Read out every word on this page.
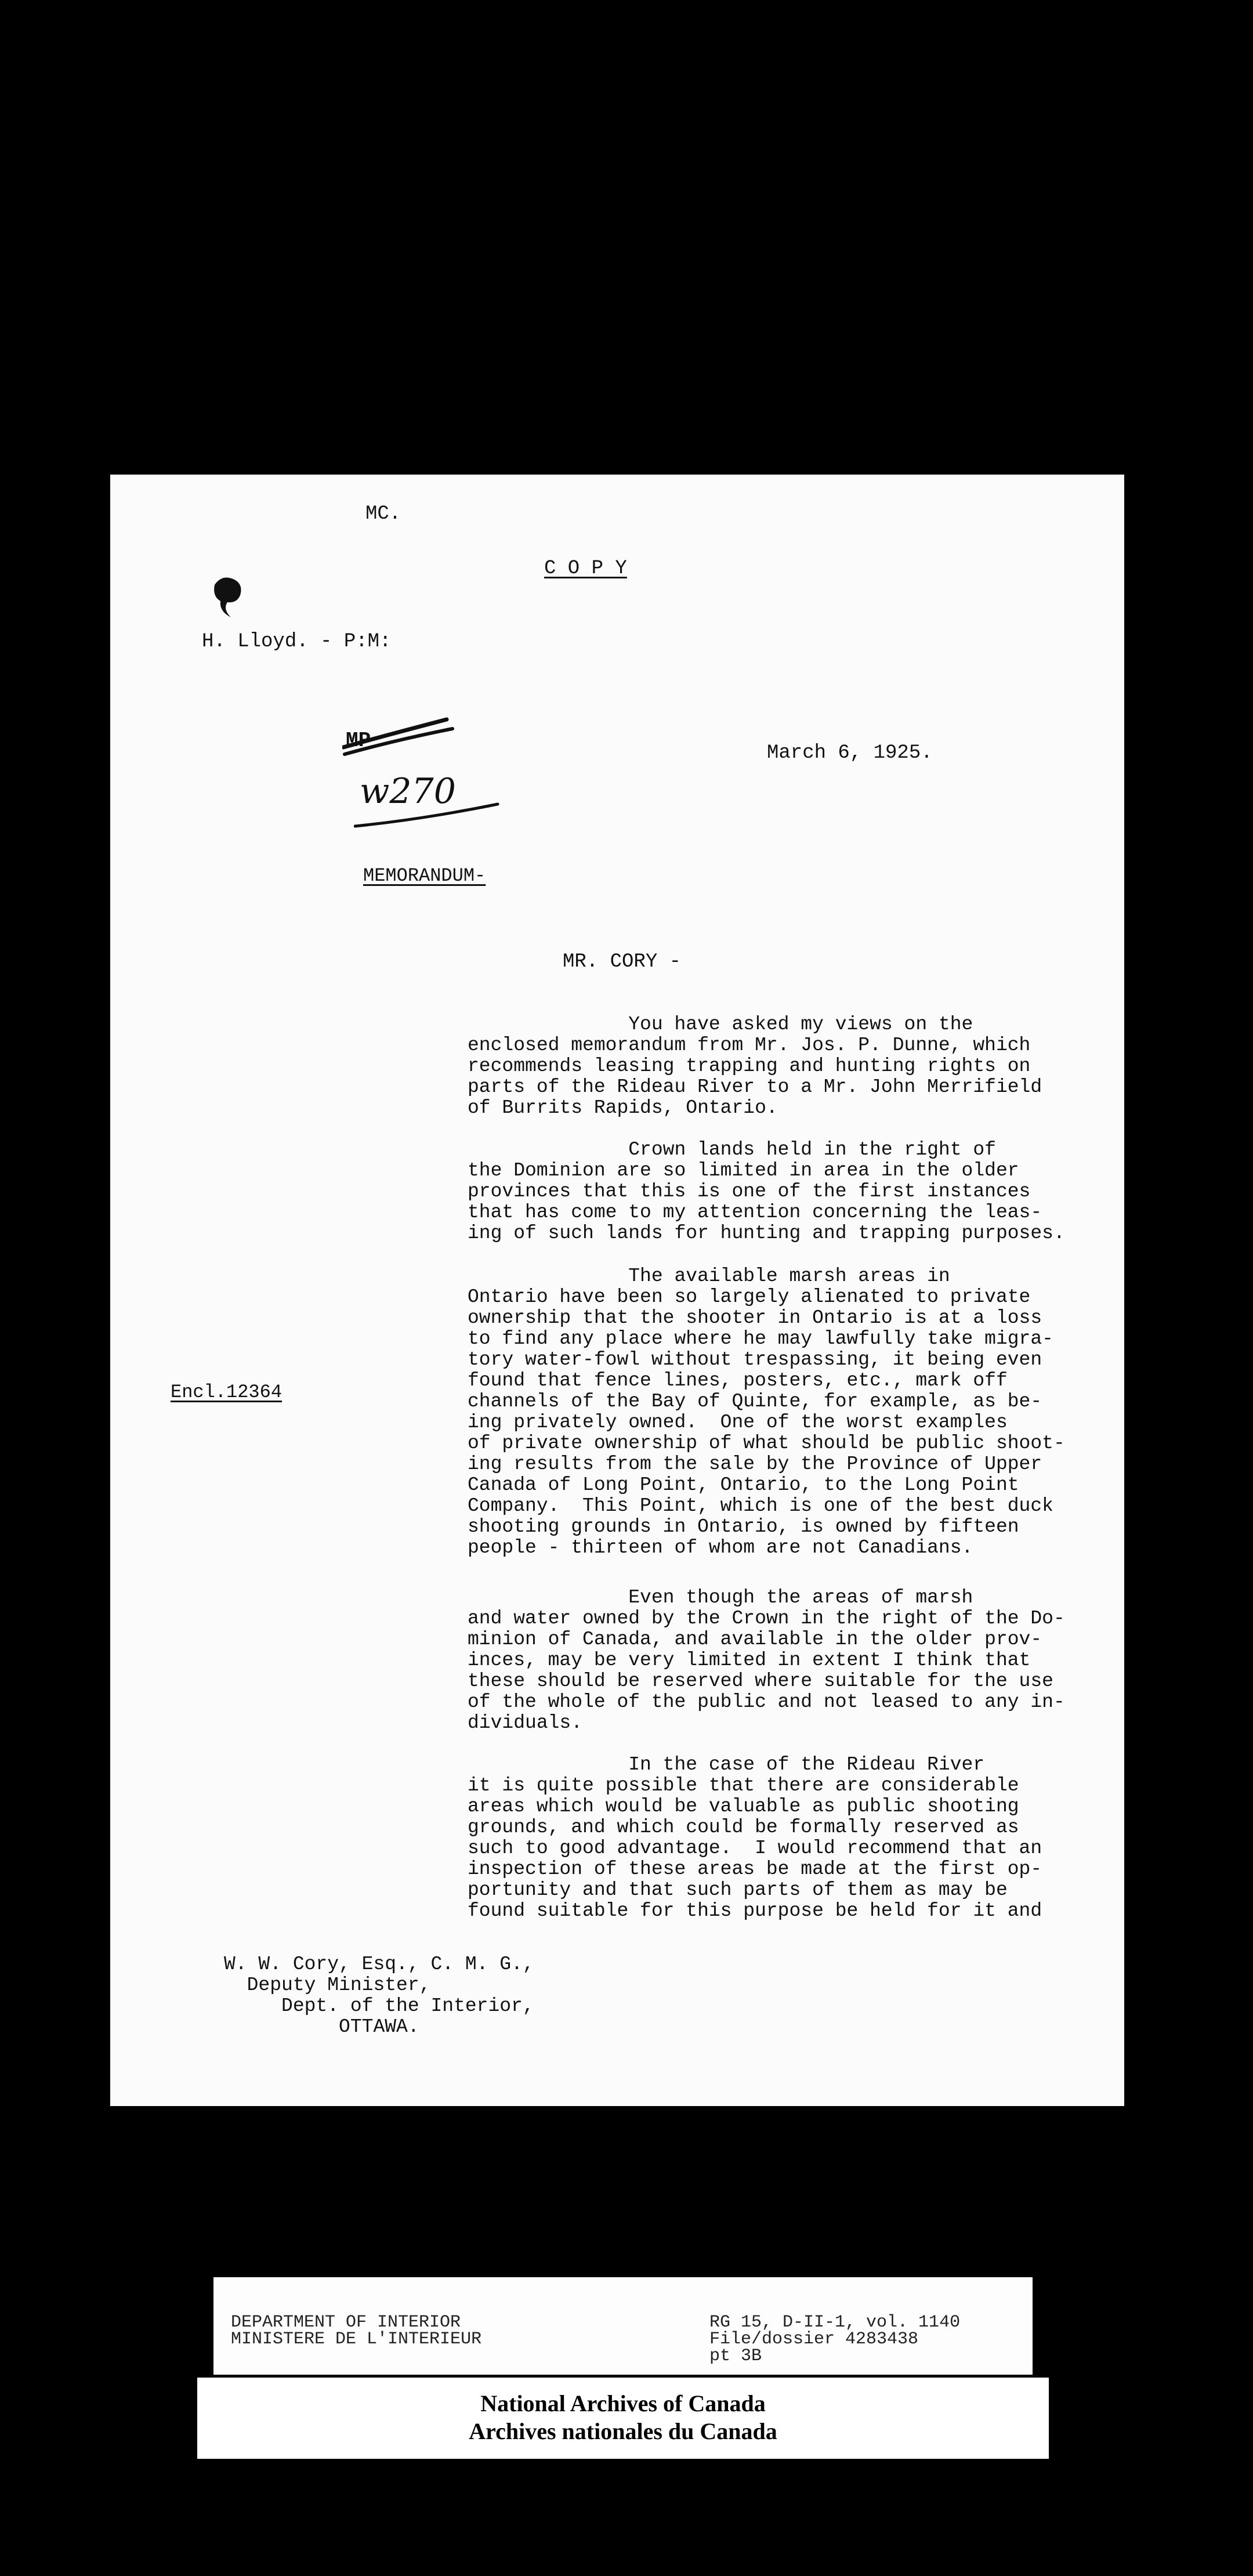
MC.
C O P Y
H. Lloyd. - P:M:
MP
w270
March 6, 1925.
MEMORANDUM-
MR. CORY -
You have asked my views on the
enclosed memorandum from Mr. Jos. P. Dunne, which
recommends leasing trapping and hunting rights on
parts of the Rideau River to a Mr. John Merrifield
of Burrits Rapids, Ontario.
Crown lands held in the right of
the Dominion are so limited in area in the older
provinces that this is one of the first instances
that has come to my attention concerning the leas-
ing of such lands for hunting and trapping purposes.
Encl.12364
The available marsh areas in
Ontario have been so largely alienated to private
ownership that the shooter in Ontario is at a loss
to find any place where he may lawfully take migra-
tory water-fowl without trespassing, it being even
found that fence lines, posters, etc., mark off
channels of the Bay of Quinte, for example, as be-
ing privately owned.  One of the worst examples
of private ownership of what should be public shoot-
ing results from the sale by the Province of Upper
Canada of Long Point, Ontario, to the Long Point
Company.  This Point, which is one of the best duck
shooting grounds in Ontario, is owned by fifteen
people - thirteen of whom are not Canadians.
Even though the areas of marsh
and water owned by the Crown in the right of the Do-
minion of Canada, and available in the older prov-
inces, may be very limited in extent I think that
these should be reserved where suitable for the use
of the whole of the public and not leased to any in-
dividuals.
In the case of the Rideau River
it is quite possible that there are considerable
areas which would be valuable as public shooting
grounds, and which could be formally reserved as
such to good advantage.  I would recommend that an
inspection of these areas be made at the first op-
portunity and that such parts of them as may be
found suitable for this purpose be held for it and
W. W. Cory, Esq., C. M. G.,
Deputy Minister,
Dept. of the Interior,
OTTAWA.
DEPARTMENT OF INTERIOR
MINISTERE DE L'INTERIEUR
RG 15, D-II-1, vol. 1140
File/dossier 4283438
pt 3B
National Archives of Canada
Archives nationales du Canada
